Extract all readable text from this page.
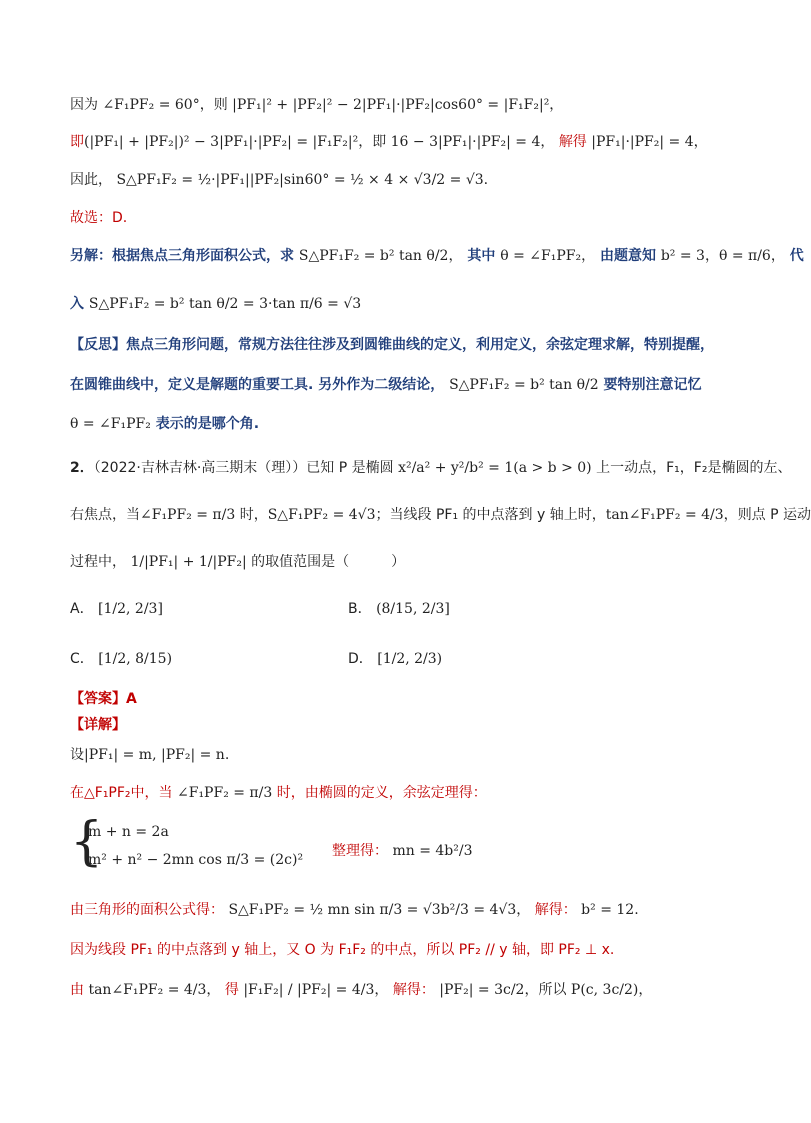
因为 ∠F₁PF₂ = 60°，则 |PF₁|² + |PF₂|² − 2|PF₁|·|PF₂|cos60° = |F₁F₂|²，
即(|PF₁| + |PF₂|)² − 3|PF₁|·|PF₂| = |F₁F₂|²，即 16 − 3|PF₁|·|PF₂| = 4， 解得 |PF₁|·|PF₂| = 4，
因此， S△PF₁F₂ = ½·|PF₁||PF₂|sin60° = ½ × 4 × √3/2 = √3.
故选：D.
另解：根据焦点三角形面积公式，求 S△PF₁F₂ = b² tan θ/2， 其中 θ = ∠F₁PF₂， 由题意知 b² = 3，θ = π/6， 代
入 S△PF₁F₂ = b² tan θ/2 = 3·tan π/6 = √3
【反思】焦点三角形问题，常规方法往往涉及到圆锥曲线的定义，利用定义，余弦定理求解，特别提醒，
在圆锥曲线中，定义是解题的重要工具. 另外作为二级结论， S△PF₁F₂ = b² tan θ/2 要特别注意记忆
θ = ∠F₁PF₂ 表示的是哪个角.
2．（2022·吉林吉林·高三期末（理））已知 P 是椭圆 x²/a² + y²/b² = 1(a > b > 0) 上一动点，F₁，F₂是椭圆的左、
右焦点，当∠F₁PF₂ = π/3 时，S△F₁PF₂ = 4√3；当线段 PF₁ 的中点落到 y 轴上时，tan∠F₁PF₂ = 4/3，则点 P 运动
过程中， 1/|PF₁| + 1/|PF₂| 的取值范围是（　　　）
A． [1/2, 2/3]	B． (8/15, 2/3]
C． [1/2, 8/15)	D． [1/2, 2/3)
【答案】A
【详解】
设|PF₁| = m, |PF₂| = n.
在△F₁PF₂中，当 ∠F₁PF₂ = π/3 时，由椭圆的定义，余弦定理得：
{
m + n = 2a
m² + n² − 2mn cos π/3 = (2c)²
整理得： mn = 4b²/3
由三角形的面积公式得： S△F₁PF₂ = ½ mn sin π/3 = √3b²/3 = 4√3， 解得： b² = 12.
因为线段 PF₁ 的中点落到 y 轴上，又 O 为 F₁F₂ 的中点，所以 PF₂ // y 轴，即 PF₂ ⊥ x.
由 tan∠F₁PF₂ = 4/3， 得 |F₁F₂| / |PF₂| = 4/3， 解得： |PF₂| = 3c/2，所以 P(c, 3c/2)，
